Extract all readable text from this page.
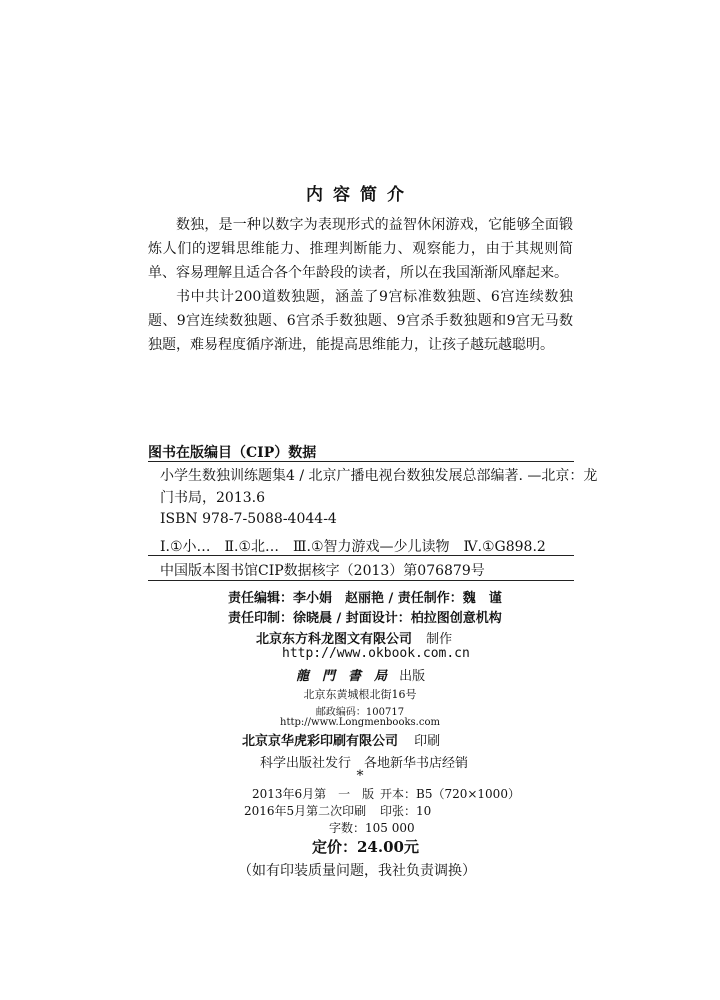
内容简介
数独，是一种以数字为表现形式的益智休闲游戏，它能够全面锻炼人们的逻辑思维能力、推理判断能力、观察能力，由于其规则简单、容易理解且适合各个年龄段的读者，所以在我国渐渐风靡起来。
书中共计200道数独题，涵盖了9宫标准数独题、6宫连续数独题、9宫连续数独题、6宫杀手数独题、9宫杀手数独题和9宫无马数独题，难易程度循序渐进，能提高思维能力，让孩子越玩越聪明。
图书在版编目（CIP）数据
小学生数独训练题集4 / 北京广播电视台数独发展总部编著. —北京：龙
门书局，2013.6
ISBN 978-7-5088-4044-4
Ⅰ.①小…　Ⅱ.①北…　Ⅲ.①智力游戏—少儿读物　Ⅳ.①G898.2
中国版本图书馆CIP数据核字（2013）第076879号
责任编辑：李小娟　赵丽艳 / 责任制作：魏　谨
责任印制：徐晓晨 / 封面设计：柏拉图创意机构
北京东方科龙图文有限公司 制作
http://www.okbook.com.cn
龍　門　書　局 出版
北京东黄城根北街16号
邮政编码：100717
http://www.Longmenbooks.com
北京京华虎彩印刷有限公司 印刷
科学出版社发行　各地新华书店经销
*
2013年6月第　一　版 开本：B5（720×1000）
2016年5月第二次印刷 印张：10
字数：105 000
定价：24.00元
（如有印装质量问题，我社负责调换）
